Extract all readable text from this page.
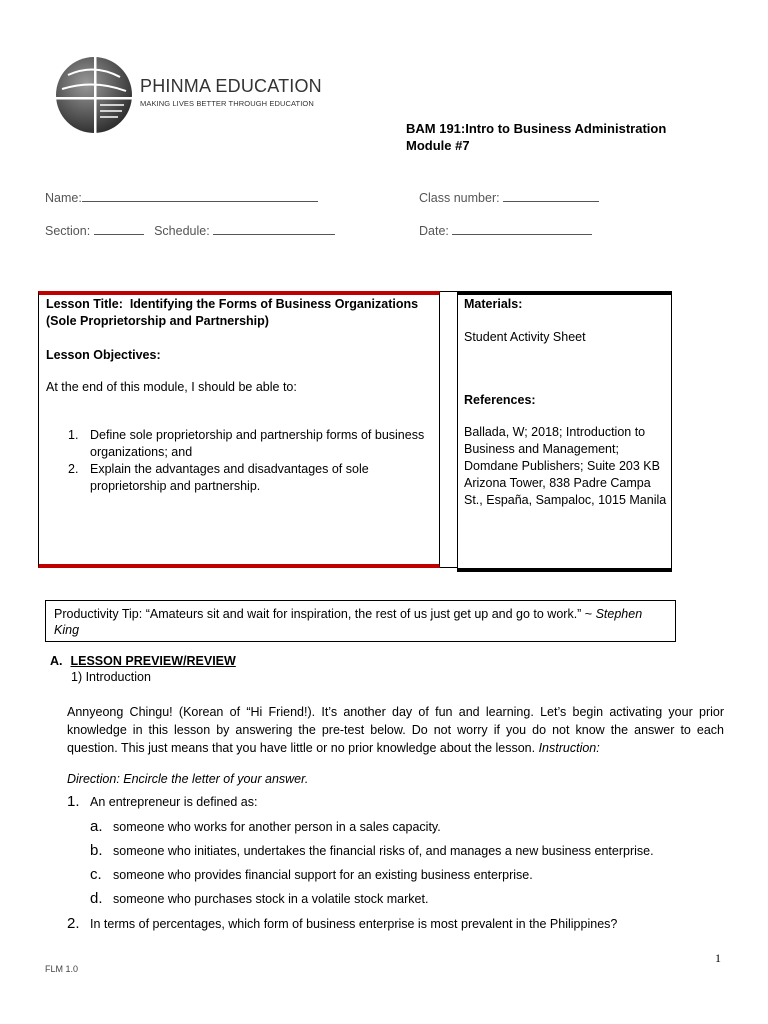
PHINMA EDUCATION
MAKING LIVES BETTER THROUGH EDUCATION
BAM 191:Intro to Business Administration
Module #7
Name:	Class number:
Section:	Schedule:	Date:
Lesson Title:  Identifying the Forms of Business Organizations (Sole Proprietorship and Partnership)
Lesson Objectives:
At the end of this module, I should be able to:
1. Define sole proprietorship and partnership forms of business organizations; and
2. Explain the advantages and disadvantages of sole proprietorship and partnership.
Materials:
Student Activity Sheet
References:
Ballada, W; 2018; Introduction to Business and Management; Domdane Publishers; Suite 203 KB Arizona Tower, 838 Padre Campa St., España, Sampaloc, 1015 Manila
Productivity Tip: “Amateurs sit and wait for inspiration, the rest of us just get up and go to work.” ~ Stephen King
A. LESSON PREVIEW/REVIEW
1) Introduction
Annyeong Chingu! (Korean of “Hi Friend!). It’s another day of fun and learning. Let’s begin activating your prior knowledge in this lesson by answering the pre-test below. Do not worry if you do not know the answer to each question. This just means that you have little or no prior knowledge about the lesson. Instruction:
Direction: Encircle the letter of your answer.
1. An entrepreneur is defined as:
a. someone who works for another person in a sales capacity.
b. someone who initiates, undertakes the financial risks of, and manages a new business enterprise.
c. someone who provides financial support for an existing business enterprise.
d. someone who purchases stock in a volatile stock market.
2. In terms of percentages, which form of business enterprise is most prevalent in the Philippines?
1
FLM 1.0
